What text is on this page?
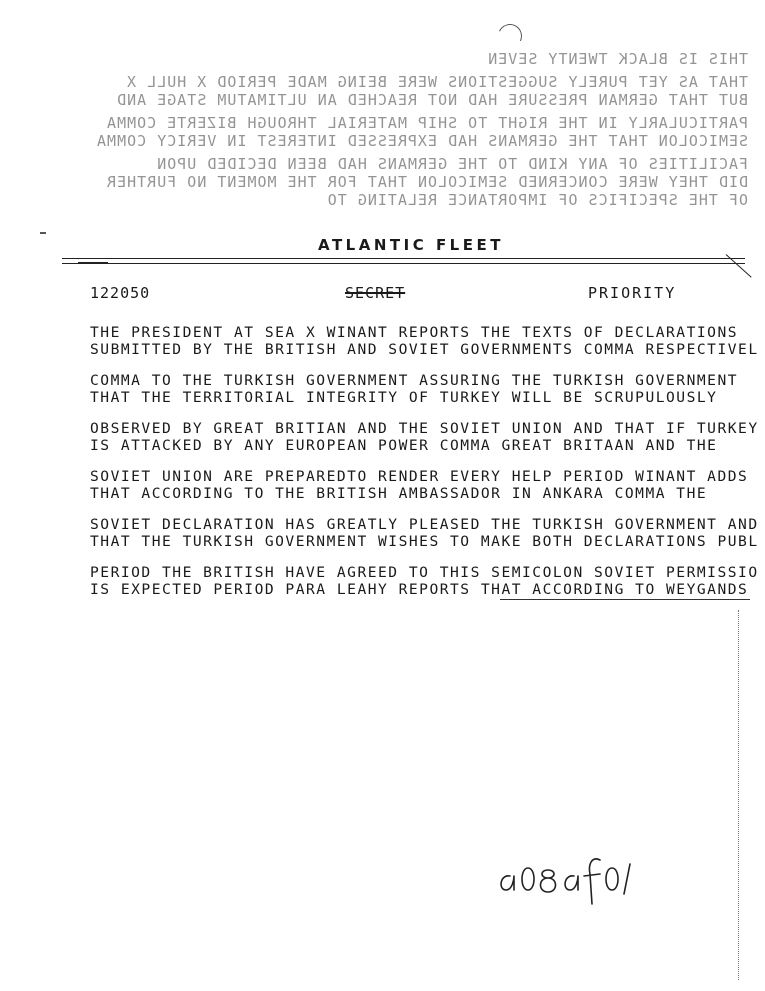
THIS IS BLACK TWENTY SEVEN
THAT AS YET PURELY SUGGESTIONS WERE BEING MADE PERIOD X HULL X
BUT THAT GERMAN PRESSURE HAD NOT REACHED AN ULTIMATUM STAGE AND
PARTICULARLY IN THE RIGHT TO SHIP MATERIAL THROUGH BIZERTE COMMA
SEMICOLON THAT THE GERMANS HAD EXPRESSED INTEREST IN VERICY COMMA
FACILITIES OF ANY KIND TO THE GERMANS HAD BEEN DECIDED UPON
DID THEY WERE CONCERNED SEMICOLON THAT FOR THE MOMENT NO FURTHER
OF THE SPECIFICS OF IMPORTANCE RELATING TO
ATLANTIC FLEET
122050	SECRET	PRIORITY
THE PRESIDENT AT SEA X WINANT REPORTS THE TEXTS OF DECLARATIONS
SUBMITTED BY THE BRITISH AND SOVIET GOVERNMENTS COMMA RESPECTIVEL
COMMA TO THE TURKISH GOVERNMENT ASSURING THE TURKISH GOVERNMENT
THAT THE TERRITORIAL INTEGRITY OF TURKEY WILL BE SCRUPULOUSLY
OBSERVED BY GREAT BRITIAN AND THE SOVIET UNION AND THAT IF TURKEY
IS ATTACKED BY ANY EUROPEAN POWER COMMA GREAT BRITAAN AND THE
SOVIET UNION ARE PREPAREDTO RENDER EVERY HELP PERIOD WINANT ADDS
THAT ACCORDING TO THE BRITISH AMBASSADOR IN ANKARA COMMA THE
SOVIET DECLARATION HAS GREATLY PLEASED THE TURKISH GOVERNMENT AND
THAT THE TURKISH GOVERNMENT WISHES TO MAKE BOTH DECLARATIONS PUBL
PERIOD THE BRITISH HAVE AGREED TO THIS SEMICOLON SOVIET PERMISSIO
IS EXPECTED PERIOD PARA LEAHY REPORTS THAT ACCORDING TO WEYGANDS
